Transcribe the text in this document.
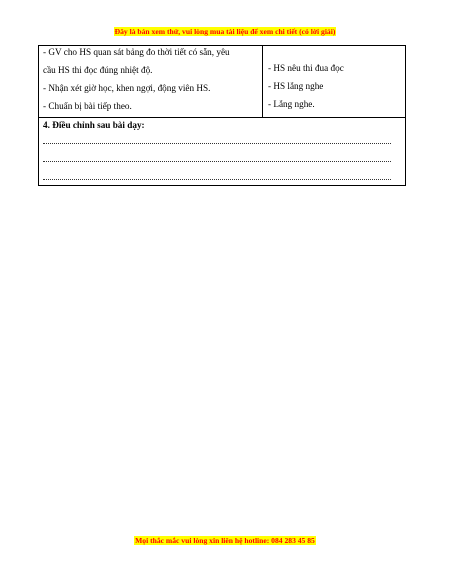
Đây là bản xem thử, vui lòng mua tài liệu để xem chi tiết (có lời giải)
- GV cho HS quan sát bảng đo thời tiết có sẵn, yêu
cầu HS thi đọc đúng nhiệt độ.
- Nhận xét giờ học, khen ngợi, động viên HS.
- Chuẩn bị bài tiếp theo.
- HS nêu thi đua đọc
- HS lắng nghe
- Lắng nghe.
4. Điều chỉnh sau bài dạy:
Mọi thắc mắc vui lòng xin liên hệ hotline: 084 283 45 85
